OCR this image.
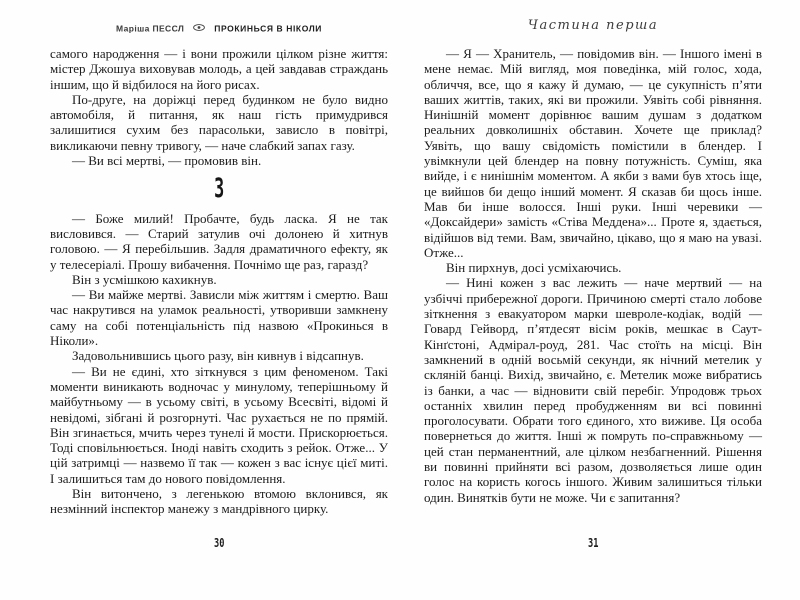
Маріша ПЕССЛ	ПРОКИНЬСЯ В НІКОЛИ

самого народження — і вони прожили цілком різне життя: містер Джошуа виховував молодь, а цей завдавав страждань іншим, що й відбилося на його рисах.

По-друге, на доріжці перед будинком не було видно автомобіля, й питання, як наш гість примудрився залишитися сухим без парасольки, зависло в повітрі, викликаючи певну тривогу, — наче слабкий запах газу.

— Ви всі мертві, — промовив він.

3

— Боже милий! Пробачте, будь ласка. Я не так висловився. — Старий затулив очі долонею й хитнув головою. — Я перебільшив. Задля драматичного ефекту, як у телесеріалі. Прошу вибачення. Почнімо ще раз, гаразд?

Він з усмішкою кахикнув.

— Ви майже мертві. Зависли між життям і смертю. Ваш час накрутився на уламок реальності, утворивши замкнену саму на собі потенціальність під назвою «Прокинься в Ніколи».

Задовольнившись цього разу, він кивнув і відсапнув.

— Ви не єдині, хто зіткнувся з цим феноменом. Такі моменти виникають водночас у минулому, теперішньому й майбутньому — в усьому світі, в усьому Всесвіті, відомі й невідомі, зібгані й розгорнуті. Час рухається не по прямій. Він згинається, мчить через тунелі й мости. Прискорюється. Тоді сповільнюється. Іноді навіть сходить з рейок. Отже... У цій затримці — назвемо її так — кожен з вас існує цієї миті. І залишиться там до нового повідомлення.

Він витончено, з легенькою втомою вклонився, як незмінний інспектор манежу з мандрівного цирку.

30
Частина перша

— Я — Хранитель, — повідомив він. — Іншого імені в мене немає. Мій вигляд, моя поведінка, мій голос, хода, обличчя, все, що я кажу й думаю, — це сукупність п’яти ваших життів, таких, які ви прожили. Уявіть собі рівняння. Нинішній момент дорівнює вашим душам з додатком реальних довколишніх обставин. Хочете ще приклад? Уявіть, що вашу свідомість помістили в блендер. І увімкнули цей блендер на повну потужність. Суміш, яка вийде, і є нинішнім моментом. А якби з вами був хтось іще, це вийшов би дещо інший момент. Я сказав би щось інше. Мав би інше волосся. Інші руки. Інші черевики — «Доксайдери» замість «Стіва Меддена»... Проте я, здається, відійшов від теми. Вам, звичайно, цікаво, що я маю на увазі. Отже...

Він пирхнув, досі усміхаючись.

— Нині кожен з вас лежить — наче мертвий — на узбіччі прибережної дороги. Причиною смерті стало лобове зіткнення з евакуатором марки шевроле-кодіак, водій — Говард Гейворд, п’ятдесят вісім років, мешкає в Саут-Кінґстоні, Адмірал-роуд, 281. Час стоїть на місці. Він замкнений в одній восьмій секунди, як нічний метелик у скляній банці. Вихід, звичайно, є. Метелик може вибратись із банки, а час — відновити свій перебіг. Упродовж трьох останніх хвилин перед пробудженням ви всі повинні проголосувати. Обрати того єдиного, хто виживе. Ця особа повернеться до життя. Інші ж помруть по-справжньому — цей стан перманентний, але цілком незбагненний. Рішення ви повинні прийняти всі разом, дозволяється лише один голос на користь когось іншого. Живим залишиться тільки один. Винятків бути не може. Чи є запитання?

31
